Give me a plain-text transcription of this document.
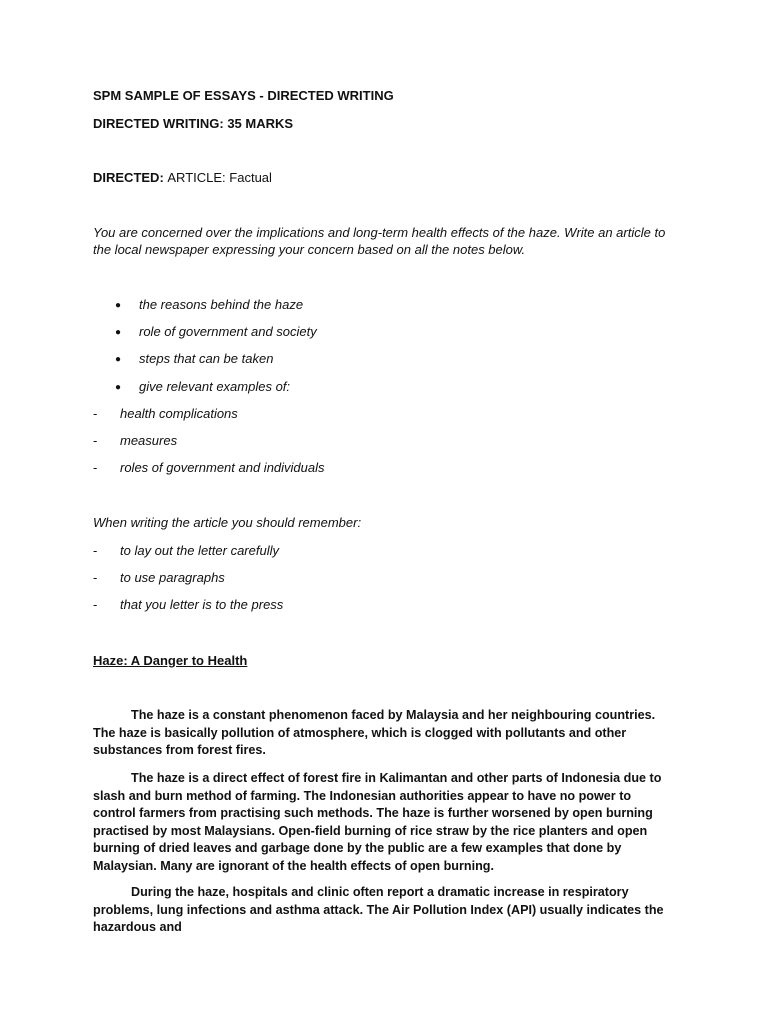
SPM SAMPLE OF ESSAYS - DIRECTED WRITING
DIRECTED WRITING: 35 MARKS
DIRECTED: ARTICLE: Factual
You are concerned over the implications and long-term health effects of the haze. Write an article to
the local newspaper expressing your concern based on all the notes below.
● the reasons behind the haze
● role of government and society
● steps that can be taken
● give relevant examples of:
- health complications
- measures
- roles of government and individuals
When writing the article you should remember:
- to lay out the letter carefully
- to use paragraphs
- that you letter is to the press
Haze: A Danger to Health
The haze is a constant phenomenon faced by Malaysia and her neighbouring countries. The haze is basically pollution of atmosphere, which is clogged with pollutants and other substances from forest fires.
The haze is a direct effect of forest fire in Kalimantan and other parts of Indonesia due to slash and burn method of farming. The Indonesian authorities appear to have no power to control farmers from practising such methods. The haze is further worsened by open burning practised by most Malaysians. Open-field burning of rice straw by the rice planters and open burning of dried leaves and garbage done by the public are a few examples that done by Malaysian. Many are ignorant of the health effects of open burning.
During the haze, hospitals and clinic often report a dramatic increase in respiratory problems, lung infections and asthma attack. The Air Pollution Index (API) usually indicates the hazardous and
